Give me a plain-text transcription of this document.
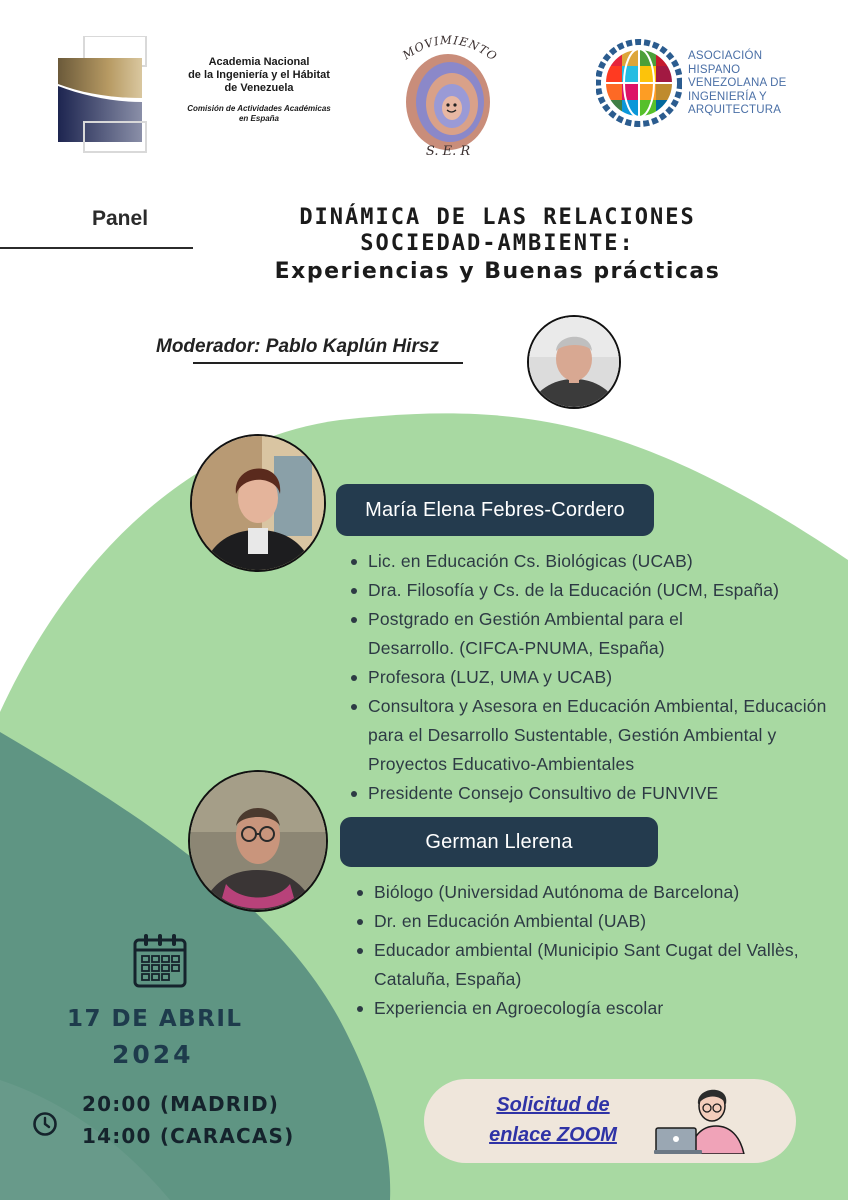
Academia Nacional
de la Ingeniería y el Hábitat
de Venezuela
Comisión de Actividades Académicas
en España
MOVIMIENTO
S. E. R
ASOCIACIÓN
HISPANO
VENEZOLANA DE
INGENIERÍA Y
ARQUITECTURA
Panel	DINÁMICA DE LAS RELACIONES
SOCIEDAD-AMBIENTE:
Experiencias y Buenas prácticas
Moderador: Pablo Kaplún Hirsz
María Elena Febres-Cordero
Lic. en Educación Cs. Biológicas (UCAB)
Dra. Filosofía y Cs. de la Educación (UCM, España)
Postgrado en Gestión Ambiental para el Desarrollo. (CIFCA-PNUMA, España)
Profesora (LUZ, UMA y UCAB)
Consultora y Asesora en Educación Ambiental, Educación para el Desarrollo Sustentable, Gestión Ambiental y Proyectos Educativo-Ambientales
Presidente Consejo Consultivo de FUNVIVE
German Llerena
Biólogo (Universidad Autónoma de Barcelona)
Dr. en Educación Ambiental (UAB)
Educador ambiental (Municipio Sant Cugat del Vallès, Cataluña, España)
Experiencia en Agroecología escolar
17 DE ABRIL
2024
20:00 (MADRID)
14:00 (CARACAS)
Solicitud de
enlace ZOOM
